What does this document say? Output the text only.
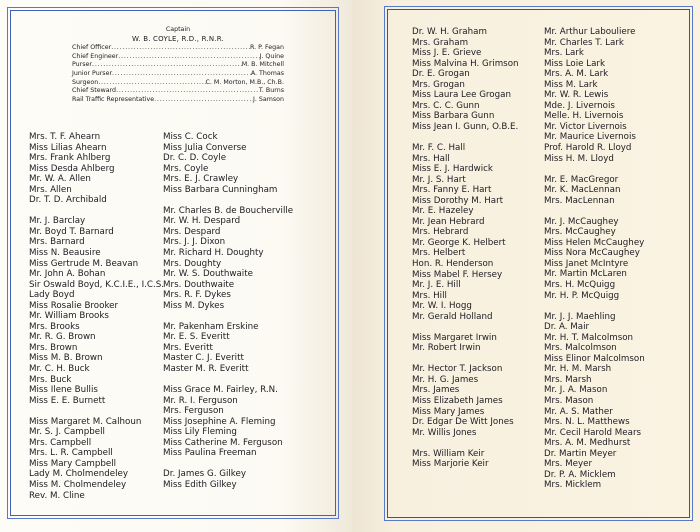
Captain
W. B. COYLE, R.D., R.N.R.
Chief Officer .....	R. P. Fegan
Chief Engineer .....	J. Quine
Purser .....	M. B. Mitchell
Junior Purser .....	A. Thomas
Surgeon .....	C. M. Morton, M.B., Ch.B.
Chief Steward .....	T. Burns
Rail Traffic Representative .....	J. Samson
Mrs. T. F. Ahearn
Miss Lilias Ahearn
Mrs. Frank Ahlberg
Miss Desda Ahlberg
Mr. W. A. Allen
Mrs. Allen
Dr. T. D. Archibald
Mr. J. Barclay
Mr. Boyd T. Barnard
Mrs. Barnard
Miss N. Beausire
Miss Gertrude M. Beavan
Mr. John A. Bohan
Sir Oswald Boyd, K.C.I.E., I.C.S.
Lady Boyd
Miss Rosalie Brooker
Mr. William Brooks
Mrs. Brooks
Mr. R. G. Brown
Mrs. Brown
Miss M. B. Brown
Mr. C. H. Buck
Mrs. Buck
Miss Ilene Bullis
Miss E. E. Burnett
Miss Margaret M. Calhoun
Mr. S. J. Campbell
Mrs. Campbell
Mrs. L. R. Campbell
Miss Mary Campbell
Lady M. Cholmendeley
Miss M. Cholmendeley
Rev. M. Cline
Miss C. Cock
Miss Julia Converse
Dr. C. D. Coyle
Mrs. Coyle
Mrs. E. J. Crawley
Miss Barbara Cunningham
Mr. Charles B. de Boucherville
Mr. W. H. Despard
Mrs. Despard
Mrs. J. J. Dixon
Mr. Richard H. Doughty
Mrs. Doughty
Mr. W. S. Douthwaite
Mrs. Douthwaite
Mrs. R. F. Dykes
Miss M. Dykes
Mr. Pakenham Erskine
Mr. E. S. Everitt
Mrs. Everitt
Master C. J. Everitt
Master M. R. Everitt
Miss Grace M. Fairley, R.N.
Mr. R. I. Ferguson
Mrs. Ferguson
Miss Josephine A. Fleming
Miss Lily Fleming
Miss Catherine M. Ferguson
Miss Paulina Freeman
Dr. James G. Gilkey
Miss Edith Gilkey
Dr. W. H. Graham
Mrs. Graham
Miss J. E. Grieve
Miss Malvina H. Grimson
Dr. E. Grogan
Mrs. Grogan
Miss Laura Lee Grogan
Mrs. C. C. Gunn
Miss Barbara Gunn
Miss Jean I. Gunn, O.B.E.
Mr. F. C. Hall
Mrs. Hall
Miss E. J. Hardwick
Mr. J. S. Hart
Mrs. Fanny E. Hart
Miss Dorothy M. Hart
Mr. E. Hazeley
Mr. Jean Hebrard
Mrs. Hebrard
Mr. George K. Helbert
Mrs. Helbert
Hon. R. Henderson
Miss Mabel F. Hersey
Mr. J. E. Hill
Mrs. Hill
Mr. W. I. Hogg
Mr. Gerald Holland
Miss Margaret Irwin
Mr. Robert Irwin
Mr. Hector T. Jackson
Mr. H. G. James
Mrs. James
Miss Elizabeth James
Miss Mary James
Dr. Edgar De Witt Jones
Mr. Willis Jones
Mrs. William Keir
Miss Marjorie Keir
Mr. Arthur Labouliere
Mr. Charles T. Lark
Mrs. Lark
Miss Loie Lark
Mrs. A. M. Lark
Miss M. Lark
Mr. W. R. Lewis
Mde. J. Livernois
Melle. H. Livernois
Mr. Victor Livernois
Mr. Maurice Livernois
Prof. Harold R. Lloyd
Miss H. M. Lloyd
Mr. E. MacGregor
Mr. K. MacLennan
Mrs. MacLennan
Mr. J. McCaughey
Mrs. McCaughey
Miss Helen McCaughey
Miss Nora McCaughey
Miss Janet McIntyre
Mr. Martin McLaren
Mrs. H. McQuigg
Mr. H. P. McQuigg
Mr. J. J. Maehling
Dr. A. Mair
Mr. H. T. Malcolmson
Mrs. Malcolmson
Miss Elinor Malcolmson
Mr. H. M. Marsh
Mrs. Marsh
Mr. J. A. Mason
Mrs. Mason
Mr. A. S. Mather
Mrs. N. L. Matthews
Mr. Cecil Harold Mears
Mrs. A. M. Medhurst
Dr. Martin Meyer
Mrs. Meyer
Dr. P. A. Micklem
Mrs. Micklem
